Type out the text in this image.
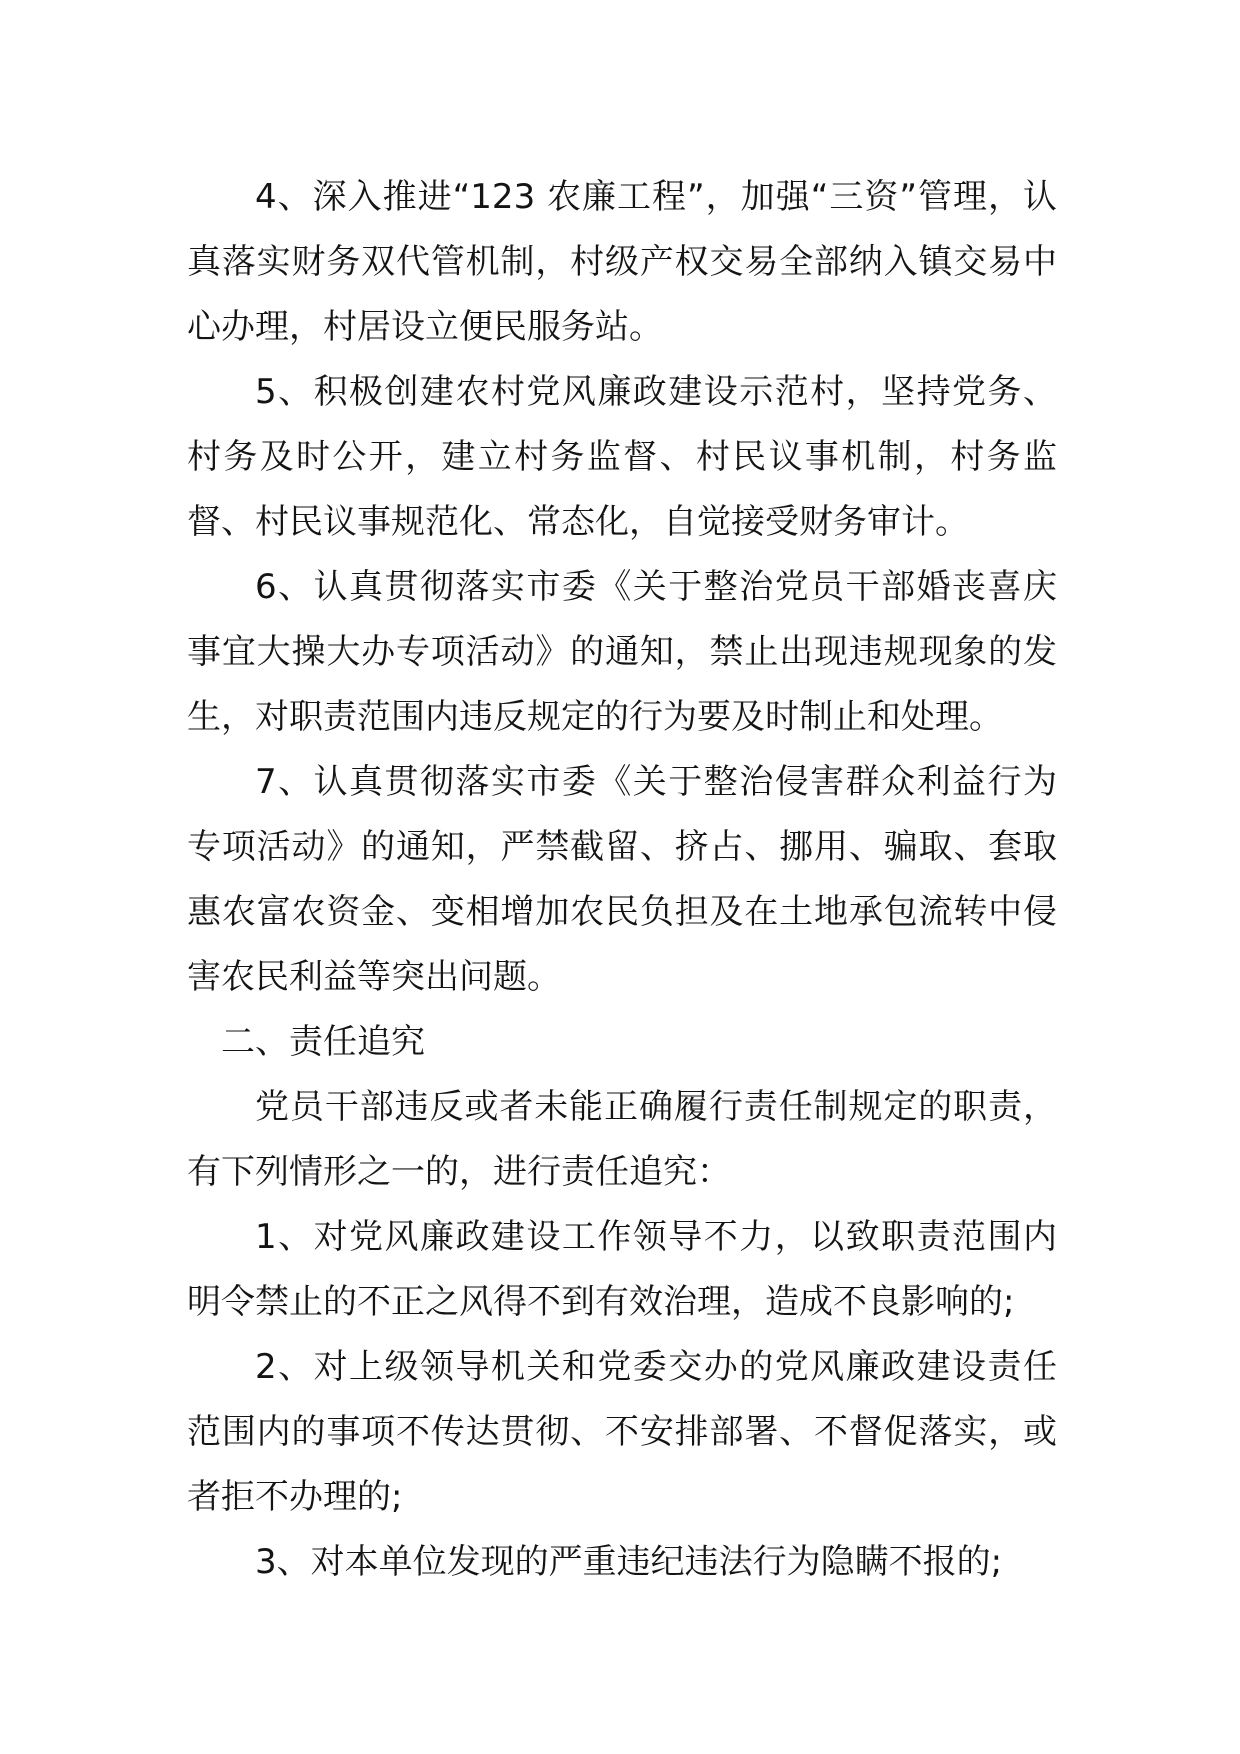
4、深入推进“123 农廉工程”，加强“三资”管理，认真落实财务双代管机制，村级产权交易全部纳入镇交易中心办理，村居设立便民服务站。

5、积极创建农村党风廉政建设示范村，坚持党务、村务及时公开，建立村务监督、村民议事机制，村务监督、村民议事规范化、常态化，自觉接受财务审计。

6、认真贯彻落实市委《关于整治党员干部婚丧喜庆事宜大操大办专项活动》的通知，禁止出现违规现象的发生，对职责范围内违反规定的行为要及时制止和处理。

7、认真贯彻落实市委《关于整治侵害群众利益行为专项活动》的通知，严禁截留、挤占、挪用、骗取、套取惠农富农资金、变相增加农民负担及在土地承包流转中侵害农民利益等突出问题。

二、责任追究

党员干部违反或者未能正确履行责任制规定的职责，有下列情形之一的，进行责任追究：

1、对党风廉政建设工作领导不力，以致职责范围内明令禁止的不正之风得不到有效治理，造成不良影响的;

2、对上级领导机关和党委交办的党风廉政建设责任范围内的事项不传达贯彻、不安排部署、不督促落实，或者拒不办理的;

3、对本单位发现的严重违纪违法行为隐瞒不报的;
